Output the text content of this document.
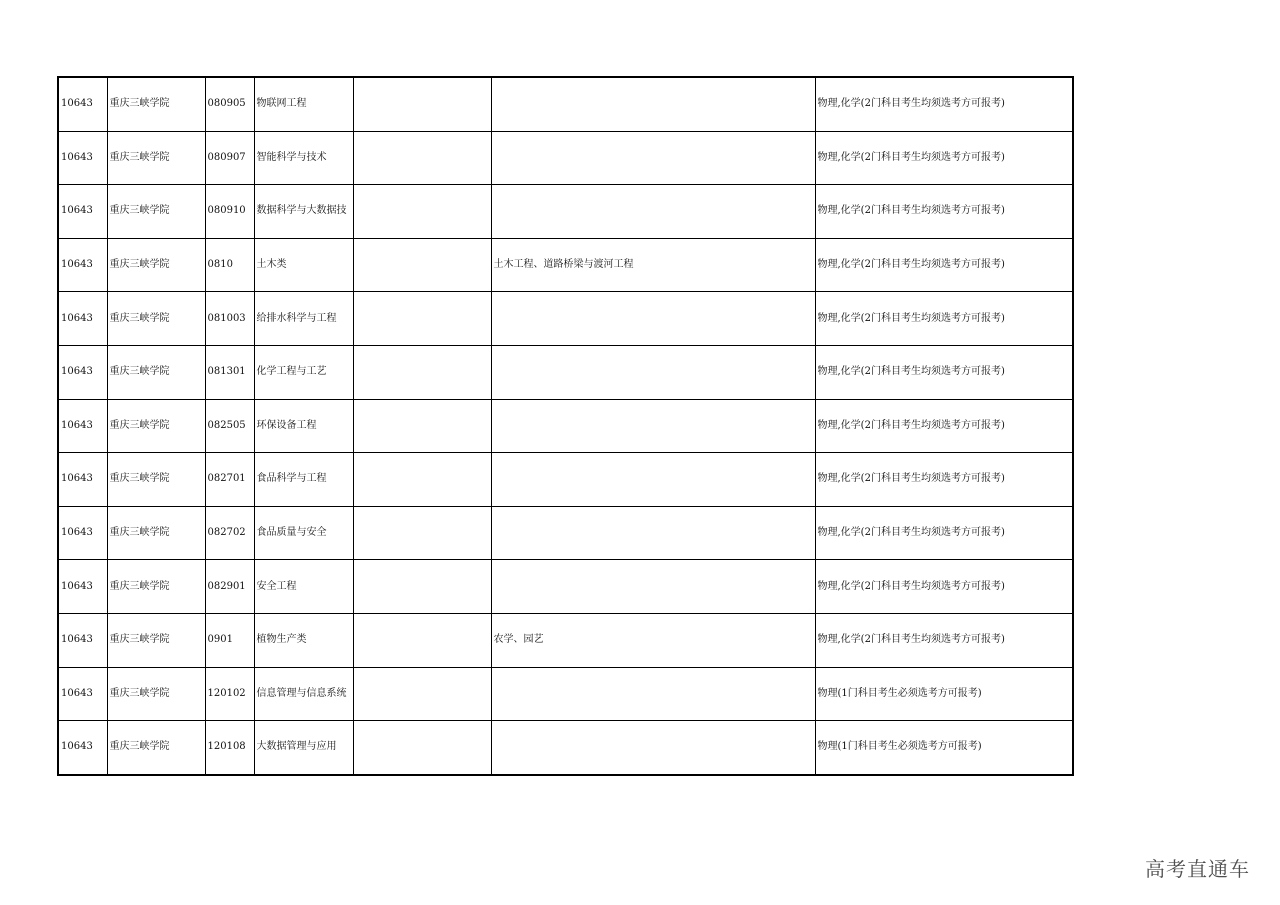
10643	重庆三峡学院	080905	物联网工程			物理,化学(2门科目考生均须选考方可报考)
10643	重庆三峡学院	080907	智能科学与技术			物理,化学(2门科目考生均须选考方可报考)
10643	重庆三峡学院	080910	数据科学与大数据技			物理,化学(2门科目考生均须选考方可报考)
10643	重庆三峡学院	0810	土木类		土木工程、道路桥梁与渡河工程	物理,化学(2门科目考生均须选考方可报考)
10643	重庆三峡学院	081003	给排水科学与工程			物理,化学(2门科目考生均须选考方可报考)
10643	重庆三峡学院	081301	化学工程与工艺			物理,化学(2门科目考生均须选考方可报考)
10643	重庆三峡学院	082505	环保设备工程			物理,化学(2门科目考生均须选考方可报考)
10643	重庆三峡学院	082701	食品科学与工程			物理,化学(2门科目考生均须选考方可报考)
10643	重庆三峡学院	082702	食品质量与安全			物理,化学(2门科目考生均须选考方可报考)
10643	重庆三峡学院	082901	安全工程			物理,化学(2门科目考生均须选考方可报考)
10643	重庆三峡学院	0901	植物生产类		农学、园艺	物理,化学(2门科目考生均须选考方可报考)
10643	重庆三峡学院	120102	信息管理与信息系统			物理(1门科目考生必须选考方可报考)
10643	重庆三峡学院	120108	大数据管理与应用			物理(1门科目考生必须选考方可报考)
高考直通车
